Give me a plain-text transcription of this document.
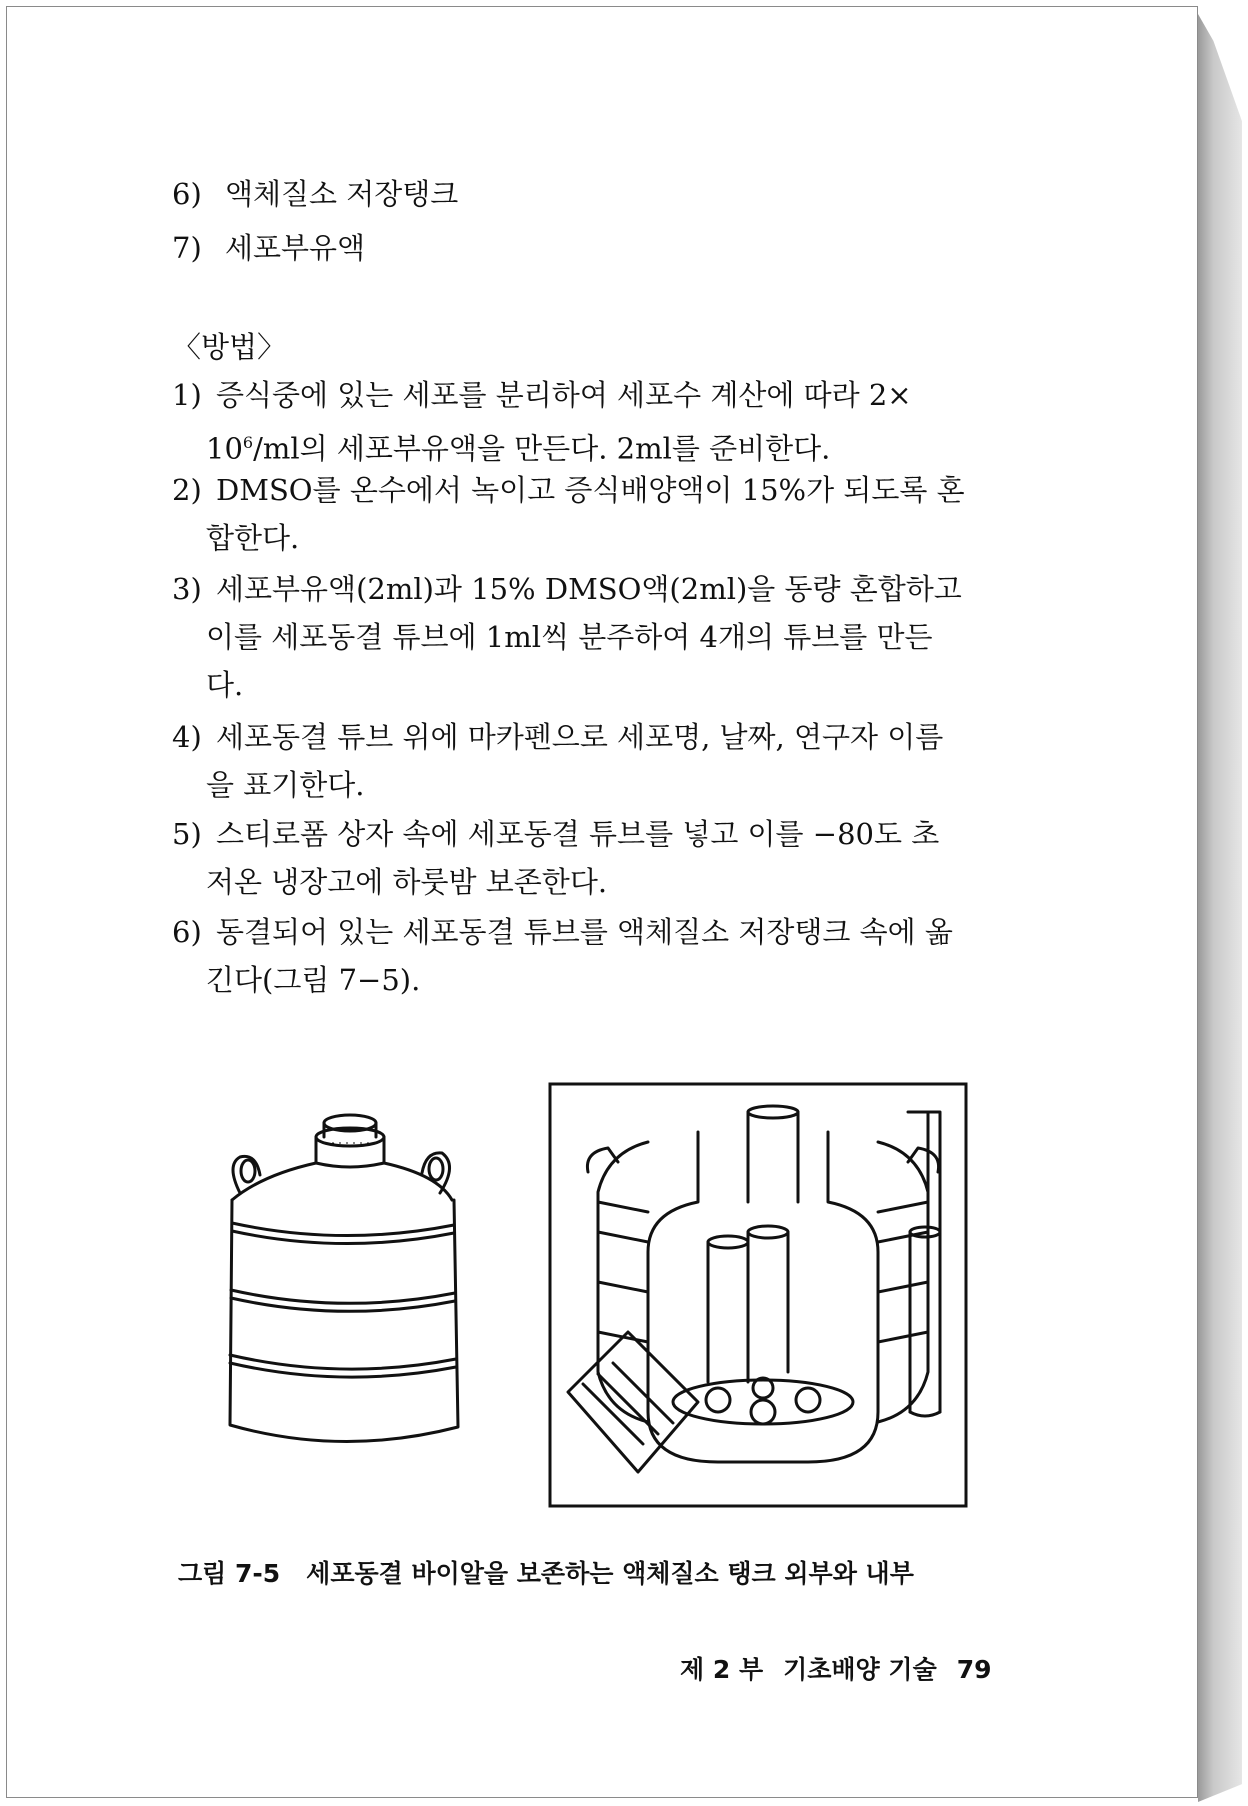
6) 액체질소 저장탱크
7) 세포부유액
〈방법〉
1) 증식중에 있는 세포를 분리하여 세포수 계산에 따라 2×
$10^6/ml$의 세포부유액을 만든다. 2ml를 준비한다.
2) DMSO를 온수에서 녹이고 증식배양액이 15%가 되도록 혼
합한다.
3) 세포부유액(2ml)과 15% DMSO액(2ml)을 동량 혼합하고
이를 세포동결 튜브에 1ml씩 분주하여 4개의 튜브를 만든
다.
4) 세포동결 튜브 위에 마카펜으로 세포명, 날짜, 연구자 이름
을 표기한다.
5) 스티로폼 상자 속에 세포동결 튜브를 넣고 이를 −80도 초
저온 냉장고에 하룻밤 보존한다.
6) 동결되어 있는 세포동결 튜브를 액체질소 저장탱크 속에 옮
긴다(그림 7−5).
그림 7-5 세포동결 바이알을 보존하는 액체질소 탱크 외부와 내부
제 2 부 기초배양 기술 79
